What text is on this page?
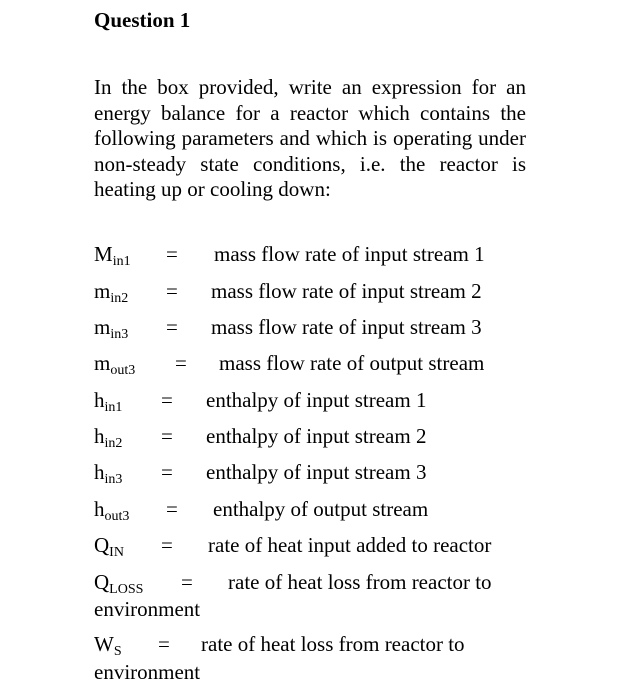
Question 1
In the box provided, write an expression for an energy balance for a reactor which contains the following parameters and which is operating under non-steady state conditions, i.e. the reactor is heating up or cooling down:
$M_{in1}$ = mass flow rate of input stream 1
$m_{in2}$ = mass flow rate of input stream 2
$m_{in3}$ = mass flow rate of input stream 3
$m_{out3}$ = mass flow rate of output stream
$h_{in1}$ = enthalpy of input stream 1
$h_{in2}$ = enthalpy of input stream 2
$h_{in3}$ = enthalpy of input stream 3
$h_{out3}$ = enthalpy of output stream
$Q_{IN}$ = rate of heat input added to reactor
$Q_{LOSS}$ = rate of heat loss from reactor to
environment
$W_S$ = rate of heat loss from reactor to
environment
